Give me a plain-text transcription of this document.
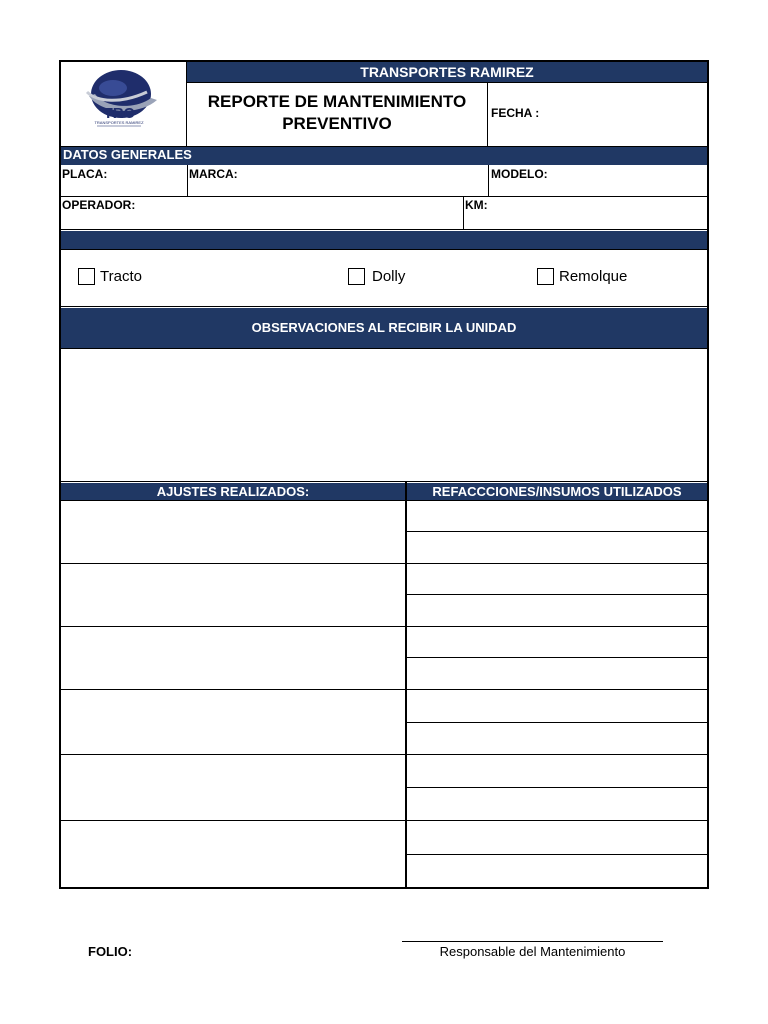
TRC
TRANSPORTES RAMIREZ
TRANSPORTES RAMIREZ
REPORTE DE MANTENIMIENTO
PREVENTIVO
FECHA :
DATOS GENERALES
PLACA:	MARCA:	MODELO:
OPERADOR:	KM:
Tracto	Dolly	Remolque
OBSERVACIONES AL RECIBIR LA UNIDAD
AJUSTES REALIZADOS:	REFACCCIONES/INSUMOS UTILIZADOS
FOLIO:	Responsable del Mantenimiento
